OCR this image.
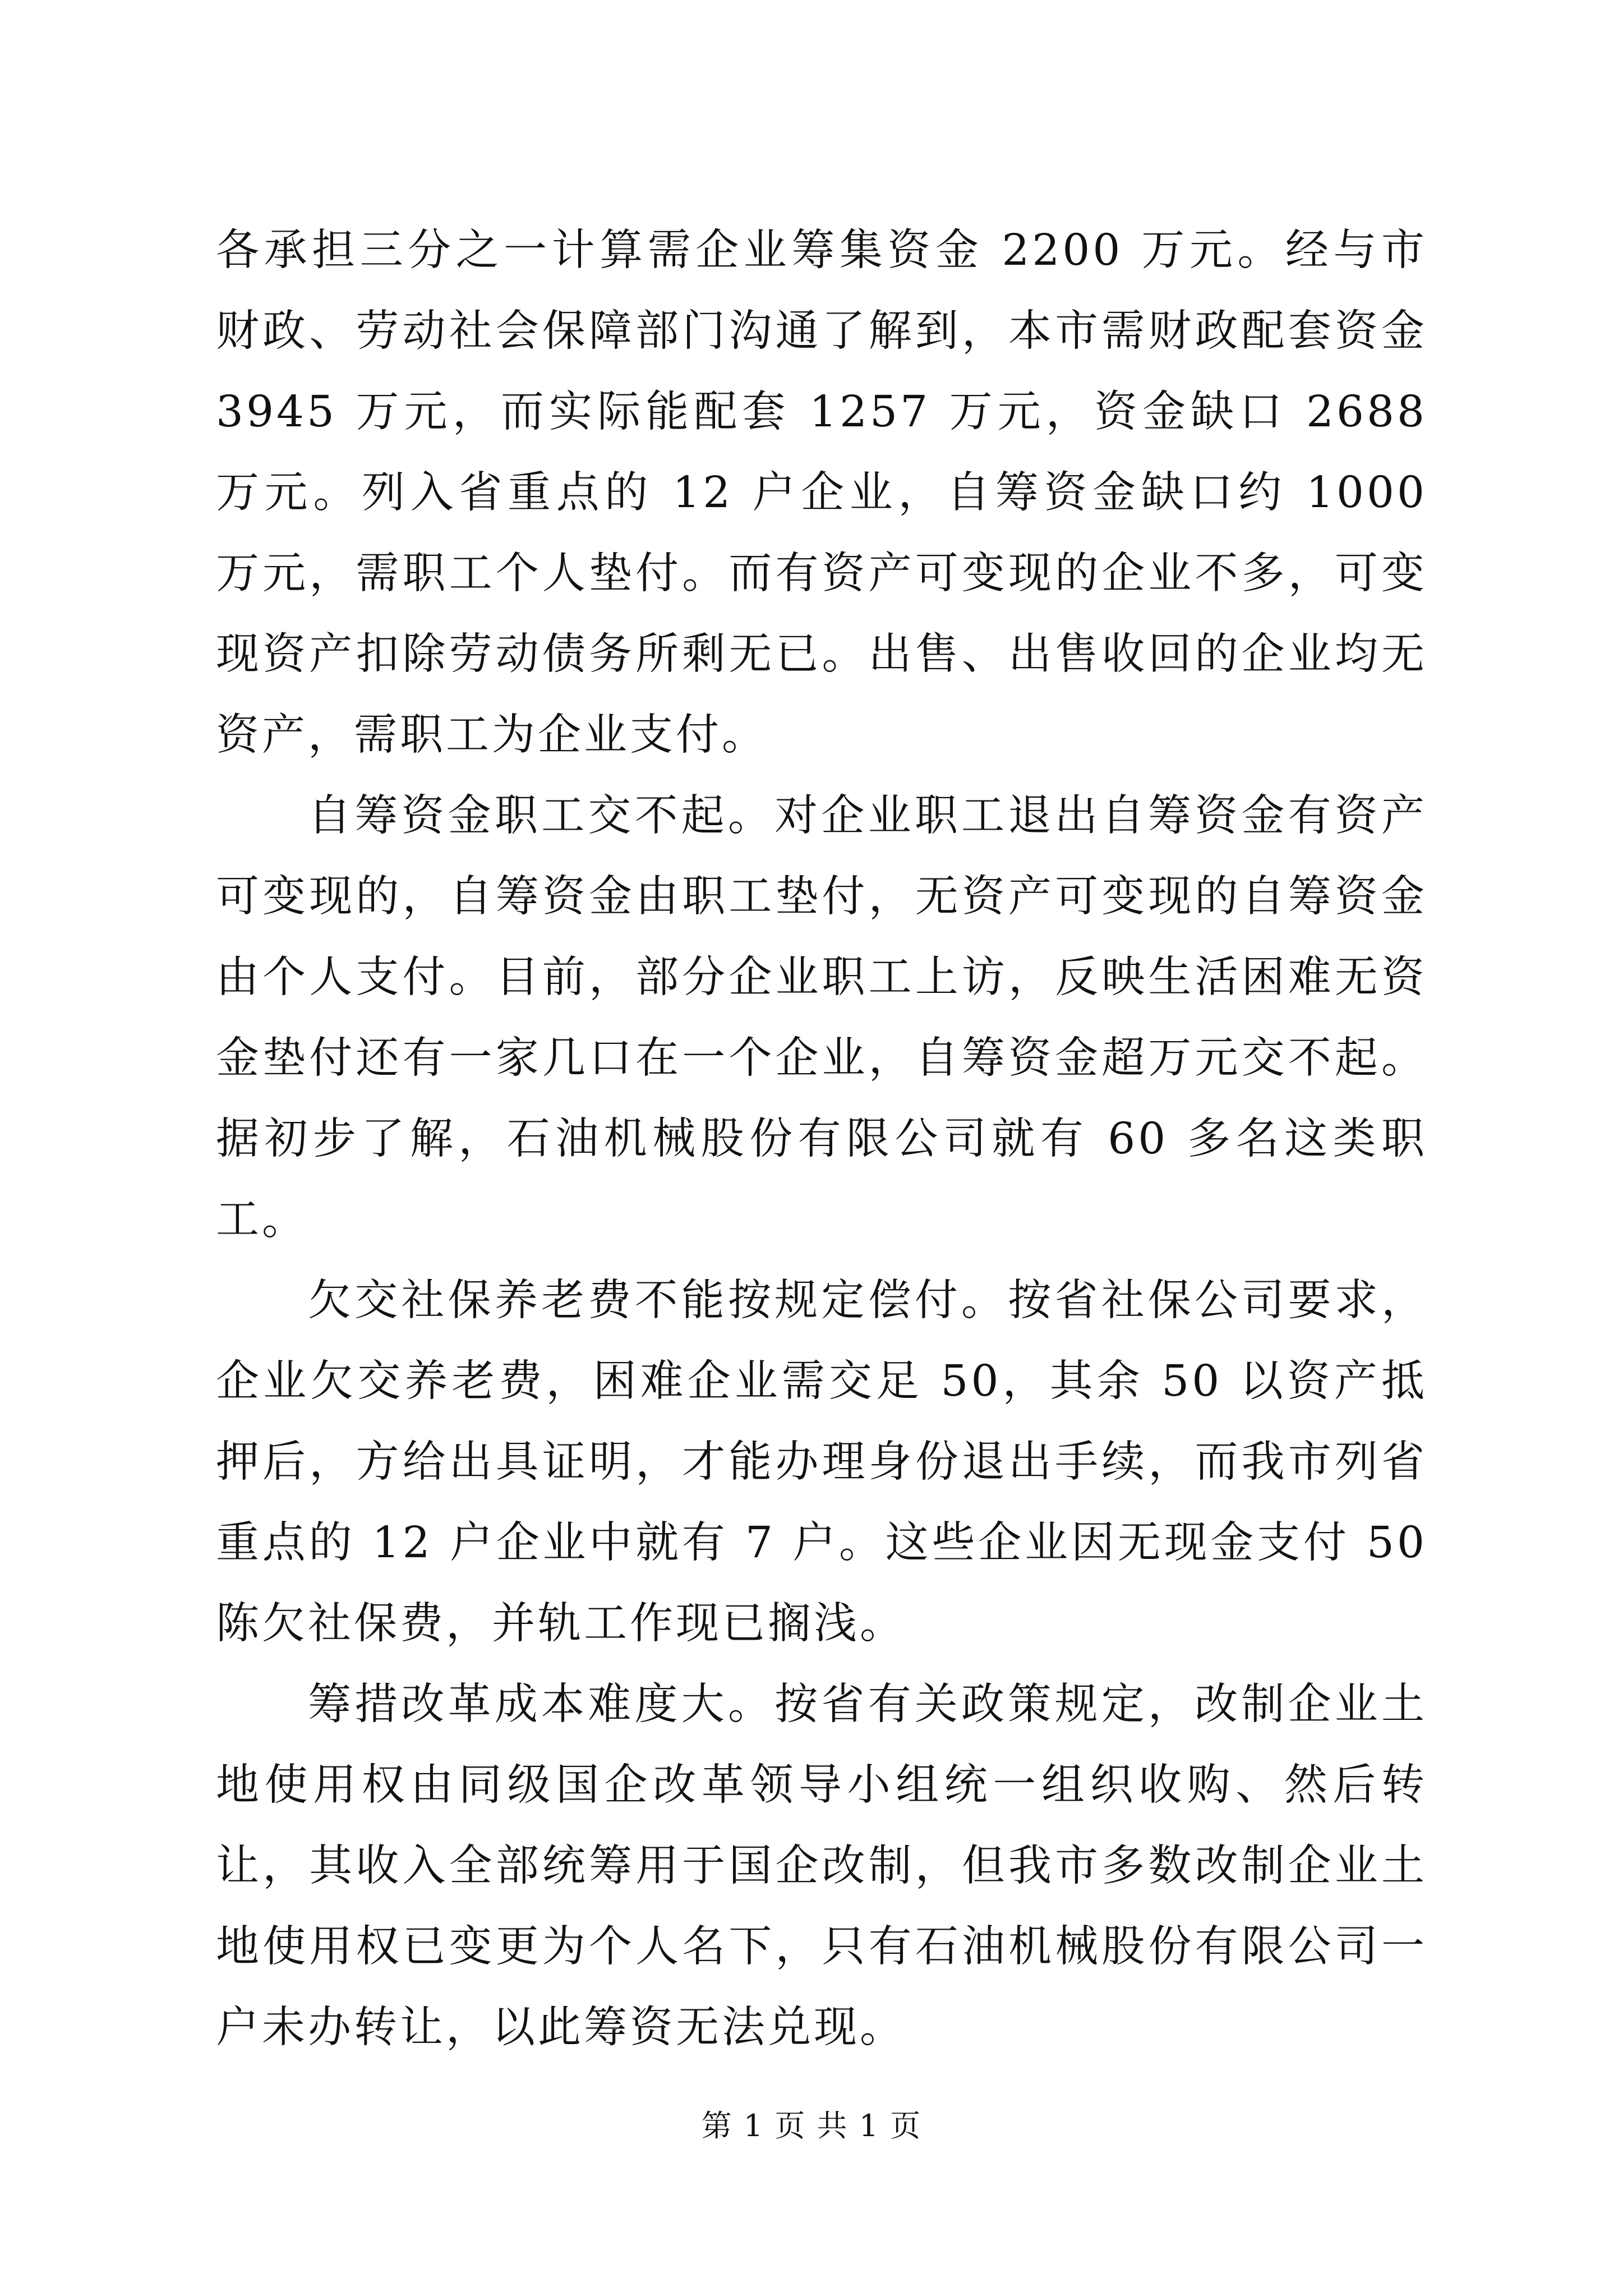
各承担三分之一计算需企业筹集资金 2200 万元。经与市财政、劳动社会保障部门沟通了解到，本市需财政配套资金 3945 万元，而实际能配套 1257 万元，资金缺口 2688 万元。列入省重点的 12 户企业，自筹资金缺口约 1000 万元，需职工个人垫付。而有资产可变现的企业不多，可变现资产扣除劳动债务所剩无已。出售、出售收回的企业均无资产，需职工为企业支付。

自筹资金职工交不起。对企业职工退出自筹资金有资产可变现的，自筹资金由职工垫付，无资产可变现的自筹资金由个人支付。目前，部分企业职工上访，反映生活困难无资金垫付还有一家几口在一个企业，自筹资金超万元交不起。据初步了解，石油机械股份有限公司就有 60 多名这类职工。

欠交社保养老费不能按规定偿付。按省社保公司要求，企业欠交养老费，困难企业需交足 50，其余 50 以资产抵押后，方给出具证明，才能办理身份退出手续，而我市列省重点的 12 户企业中就有 7 户。这些企业因无现金支付 50 陈欠社保费，并轨工作现已搁浅。

筹措改革成本难度大。按省有关政策规定，改制企业土地使用权由同级国企改革领导小组统一组织收购、然后转让，其收入全部统筹用于国企改制，但我市多数改制企业土地使用权已变更为个人名下，只有石油机械股份有限公司一户未办转让，以此筹资无法兑现。

第 1 页 共 1 页
